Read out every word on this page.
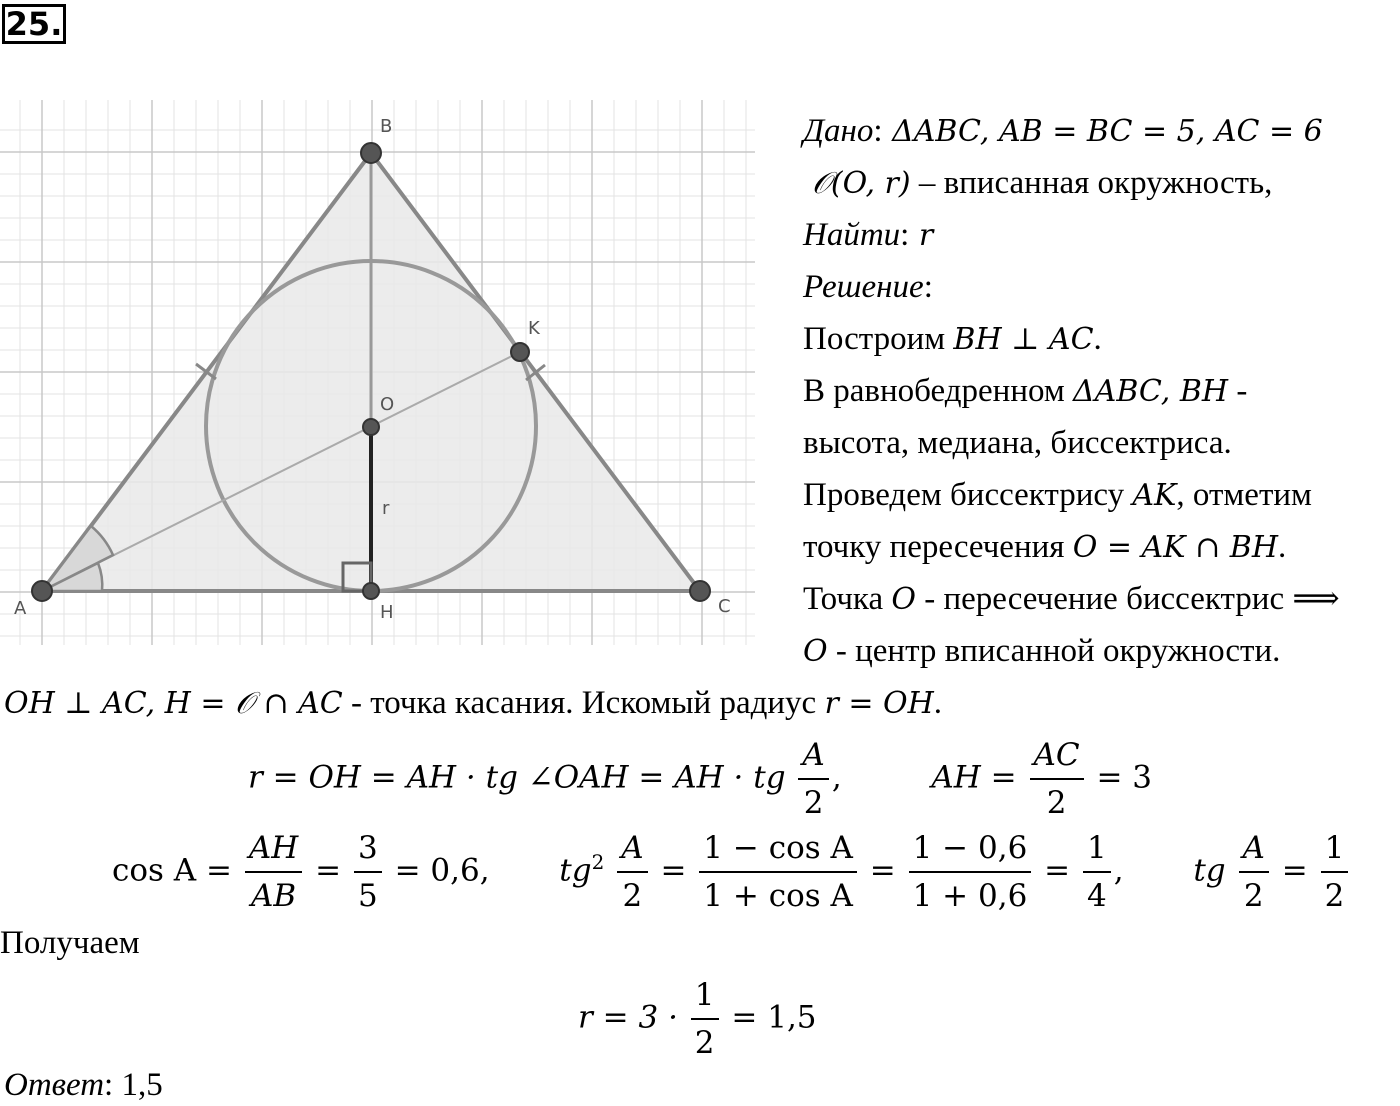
25.
A
B
C
K
O
H
r
Дано: ΔABC, AB = BC = 5, AC = 6
𝒪(O, r) – вписанная окружность,
Найти: r
Решение:
Построим BH ⊥ AC.
В равнобедренном ΔABC, BH -
высота, медиана, биссектриса.
Проведем биссектрису AK, отметим
точку пересечения O = AK ∩ BH.
Точка O - пересечение биссектрис ⟹
O - центр вписанной окружности.
OH ⊥ AC, H = 𝒪 ∩ AC - точка касания. Искомый радиус r = OH.
r = OH = AH · tg ∠OAH = AH · tg $\frac{A}{2}$ ,	AH = $\frac{AC}{2} = 3$
$\cos A = \frac{AH}{AB} = \frac{3}{5} = 0,6$, $tg^2 \frac{A}{2} = \frac{\text{1 − cos A}}{\text{1 + cos A}} = \frac{1 - 0,6}{1 + 0,6} = \frac{1}{4}$ , tg $\frac{A}{2} = \frac{1}{2}$
Получаем
$r = 3 \cdot \frac{1}{2} = 1,5$
Ответ: 1,5
